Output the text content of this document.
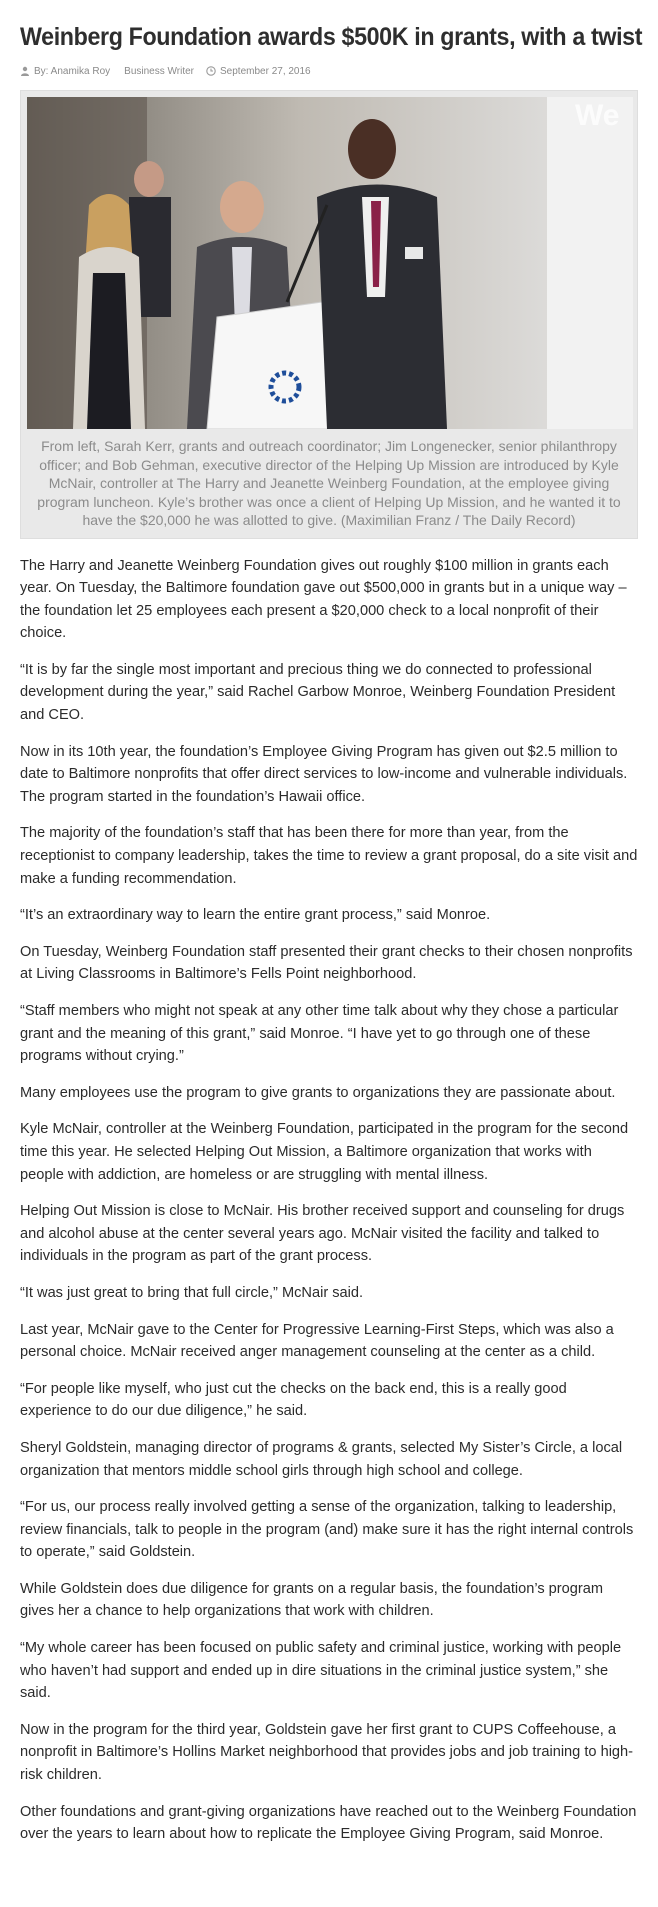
Weinberg Foundation awards $500K in grants, with a twist
By: Anamika Roy Business Writer	September 27, 2016
We
From left, Sarah Kerr, grants and outreach coordinator; Jim Longenecker, senior philanthropy officer; and Bob Gehman, executive director of the Helping Up Mission are introduced by Kyle McNair, controller at The Harry and Jeanette Weinberg Foundation, at the employee giving program luncheon. Kyle’s brother was once a client of Helping Up Mission, and he wanted it to have the $20,000 he was allotted to give. (Maximilian Franz / The Daily Record)

The Harry and Jeanette Weinberg Foundation gives out roughly $100 million in grants each year. On Tuesday, the Baltimore foundation gave out $500,000 in grants but in a unique way – the foundation let 25 employees each present a $20,000 check to a local nonprofit of their choice.

“It is by far the single most important and precious thing we do connected to professional development during the year,” said Rachel Garbow Monroe, Weinberg Foundation President and CEO.

Now in its 10th year, the foundation’s Employee Giving Program has given out $2.5 million to date to Baltimore nonprofits that offer direct services to low-income and vulnerable individuals. The program started in the foundation’s Hawaii office.

The majority of the foundation’s staff that has been there for more than year, from the receptionist to company leadership, takes the time to review a grant proposal, do a site visit and make a funding recommendation.

“It’s an extraordinary way to learn the entire grant process,” said Monroe.

On Tuesday, Weinberg Foundation staff presented their grant checks to their chosen nonprofits at Living Classrooms in Baltimore’s Fells Point neighborhood.

“Staff members who might not speak at any other time talk about why they chose a particular grant and the meaning of this grant,” said Monroe. “I have yet to go through one of these programs without crying.”

Many employees use the program to give grants to organizations they are passionate about.

Kyle McNair, controller at the Weinberg Foundation, participated in the program for the second time this year. He selected Helping Out Mission, a Baltimore organization that works with people with addiction, are homeless or are struggling with mental illness.

Helping Out Mission is close to McNair. His brother received support and counseling for drugs and alcohol abuse at the center several years ago. McNair visited the facility and talked to individuals in the program as part of the grant process.

“It was just great to bring that full circle,” McNair said.

Last year, McNair gave to the Center for Progressive Learning-First Steps, which was also a personal choice. McNair received anger management counseling at the center as a child.

“For people like myself, who just cut the checks on the back end, this is a really good experience to do our due diligence,” he said.

Sheryl Goldstein, managing director of programs & grants, selected My Sister’s Circle, a local organization that mentors middle school girls through high school and college.

“For us, our process really involved getting a sense of the organization, talking to leadership, review financials, talk to people in the program (and) make sure it has the right internal controls to operate,” said Goldstein.

While Goldstein does due diligence for grants on a regular basis, the foundation’s program gives her a chance to help organizations that work with children.

“My whole career has been focused on public safety and criminal justice, working with people who haven’t had support and ended up in dire situations in the criminal justice system,” she said.

Now in the program for the third year, Goldstein gave her first grant to CUPS Coffeehouse, a nonprofit in Baltimore’s Hollins Market neighborhood that provides jobs and job training to high-risk children.

Other foundations and grant-giving organizations have reached out to the Weinberg Foundation over the years to learn about how to replicate the Employee Giving Program, said Monroe.
